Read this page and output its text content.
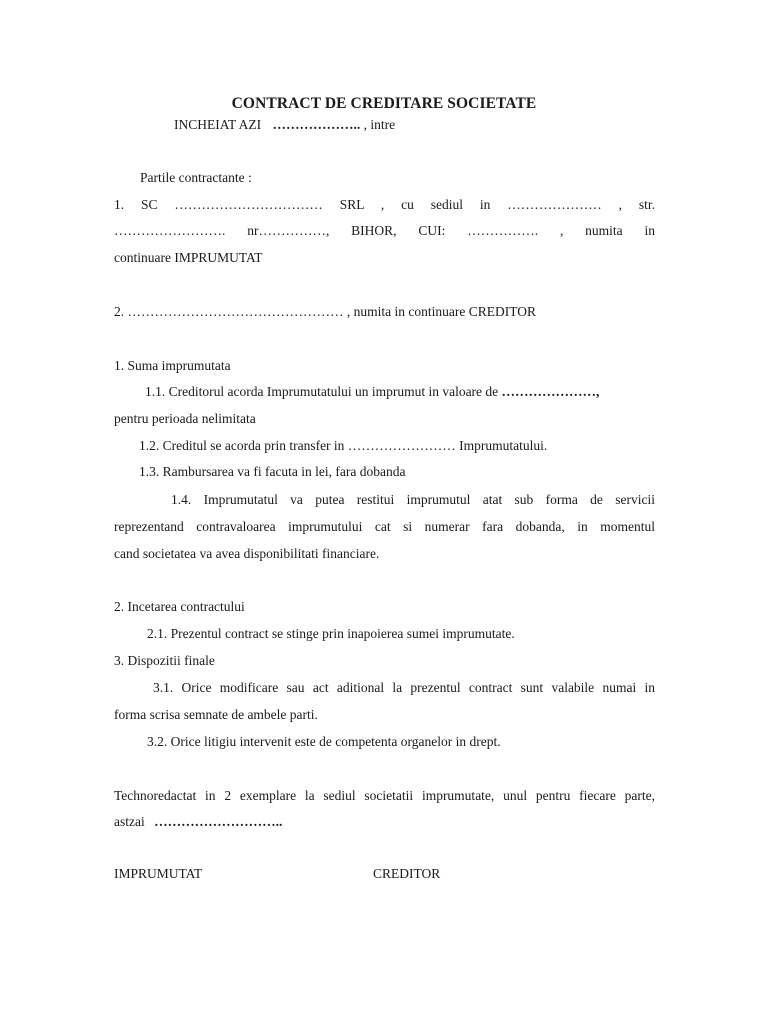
CONTRACT DE CREDITARE SOCIETATE
INCHEIAT AZI ……………….. , intre
Partile contractante :
1. SC …………………………… SRL , cu sediul in ………………… , str.
……………………. nr……………, BIHOR, CUI: ……………. , numita in
continuare IMPRUMUTAT
2. ………………………………………… , numita in continuare CREDITOR
1. Suma imprumutata
1.1. Creditorul acorda Imprumutatului un imprumut in valoare de …………………,
pentru perioada nelimitata
1.2. Creditul se acorda prin transfer in …………………… Imprumutatului.
1.3. Rambursarea va fi facuta in lei, fara dobanda
1.4. Imprumutatul va putea restitui imprumutul atat sub forma de servicii
reprezentand contravaloarea imprumutului cat si numerar fara dobanda, in momentul
cand societatea va avea disponibilitati financiare.
2. Incetarea contractului
2.1. Prezentul contract se stinge prin inapoierea sumei imprumutate.
3. Dispozitii finale
3.1. Orice modificare sau act aditional la prezentul contract sunt valabile numai in
forma scrisa semnate de ambele parti.
3.2. Orice litigiu intervenit este de competenta organelor in drept.
Technoredactat in 2 exemplare la sediul societatii imprumutate, unul pentru fiecare parte,
astzai ………………………..
IMPRUMUTAT	CREDITOR
